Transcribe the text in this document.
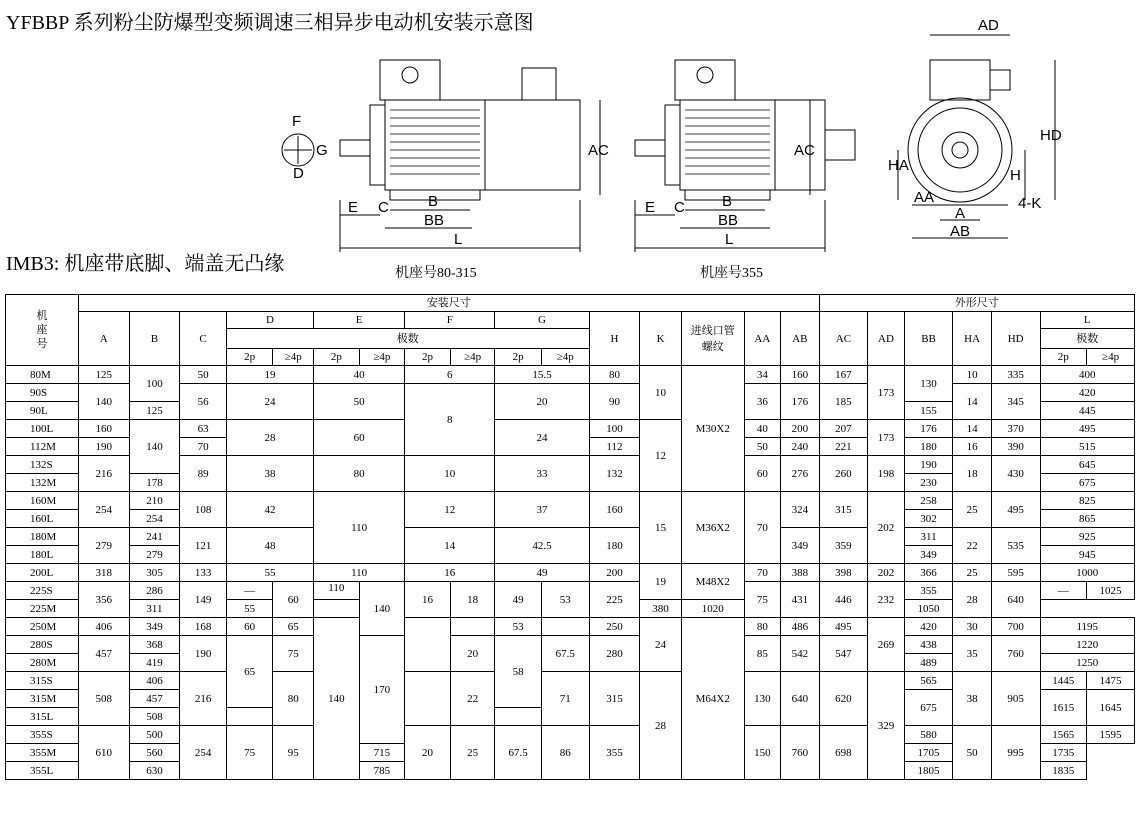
YFBBP 系列粉尘防爆型变频调速三相异步电动机安装示意图
IMB3: 机座带底脚、端盖无凸缘
F
G
D
E C	B
BB
L
AC
E C B
BB
L
AC
AD
HD
HA
H
AA
A
AB
4-K
机座号80-315	机座号355
机座号	安装尺寸																外形尺寸						
	A	B	C	D		E		F		G		H	K	进线口管螺纹	AA	AB	AC	AD	BB	HA	HD	L	
				极数																		极数	
				2p	≥4p	2p	≥4p	2p	≥4p	2p	≥4p											2p	≥4p
80M	125	100	50	19		40		6		15.5		80	10	M30X2	34	160	167	173	130	10	335	400	
90S	140		56	24		50		8		20		90			36	176	185			14	345	420	
90L		125																	155			445	
100L	160	140	63	28		60				24		100	12		40	200	207	173	176	14	370	495	
112M	190		70									112			50	240	221		180	16	390	515	
132S	216		89	38		80		10		33		132			60	276	260	198	190	18	430	645	
132M		178																	230			675	
160M	254	210	108	42		110		12		37		160	15	M36X2	70	324	315	202	258	25	495	825	
160L		254																	302			865	
180M	279	241	121	48				14		42.5		180				349	359		311	22	535	925	
180L		279																	349			945	
200L	318	305	133	55		110		16		49		200	19	M48X2	70	388	398	202	366	25	595	1000	
225S	356	286	149	—	60	110	140	16	18	49	53	225			75	431	446	232	355	28	640	—	1025
225M		311		55									380	1020					1050				
250M	406	349	168	60	65	140				53		250	24	M64X2	80	486	495	269	420	30	700	1195	
280S	457	368	190	65	75		170		20	58	67.5	280			85	542	547		438	35	760	1220	
280M		419																	489			1250	
315S	508	406	216		80				22		71	315	28		130	640	620	329	565	38	905	1445	1475
315M		457																	675			1615	1645
315L		508																					
355S	610	500	254	75	95			20	25	67.5	86	355			150	760	698		580	50	995	1565	1595
355M		560					715												1705			1735	
355L		630					785												1805			1835	
